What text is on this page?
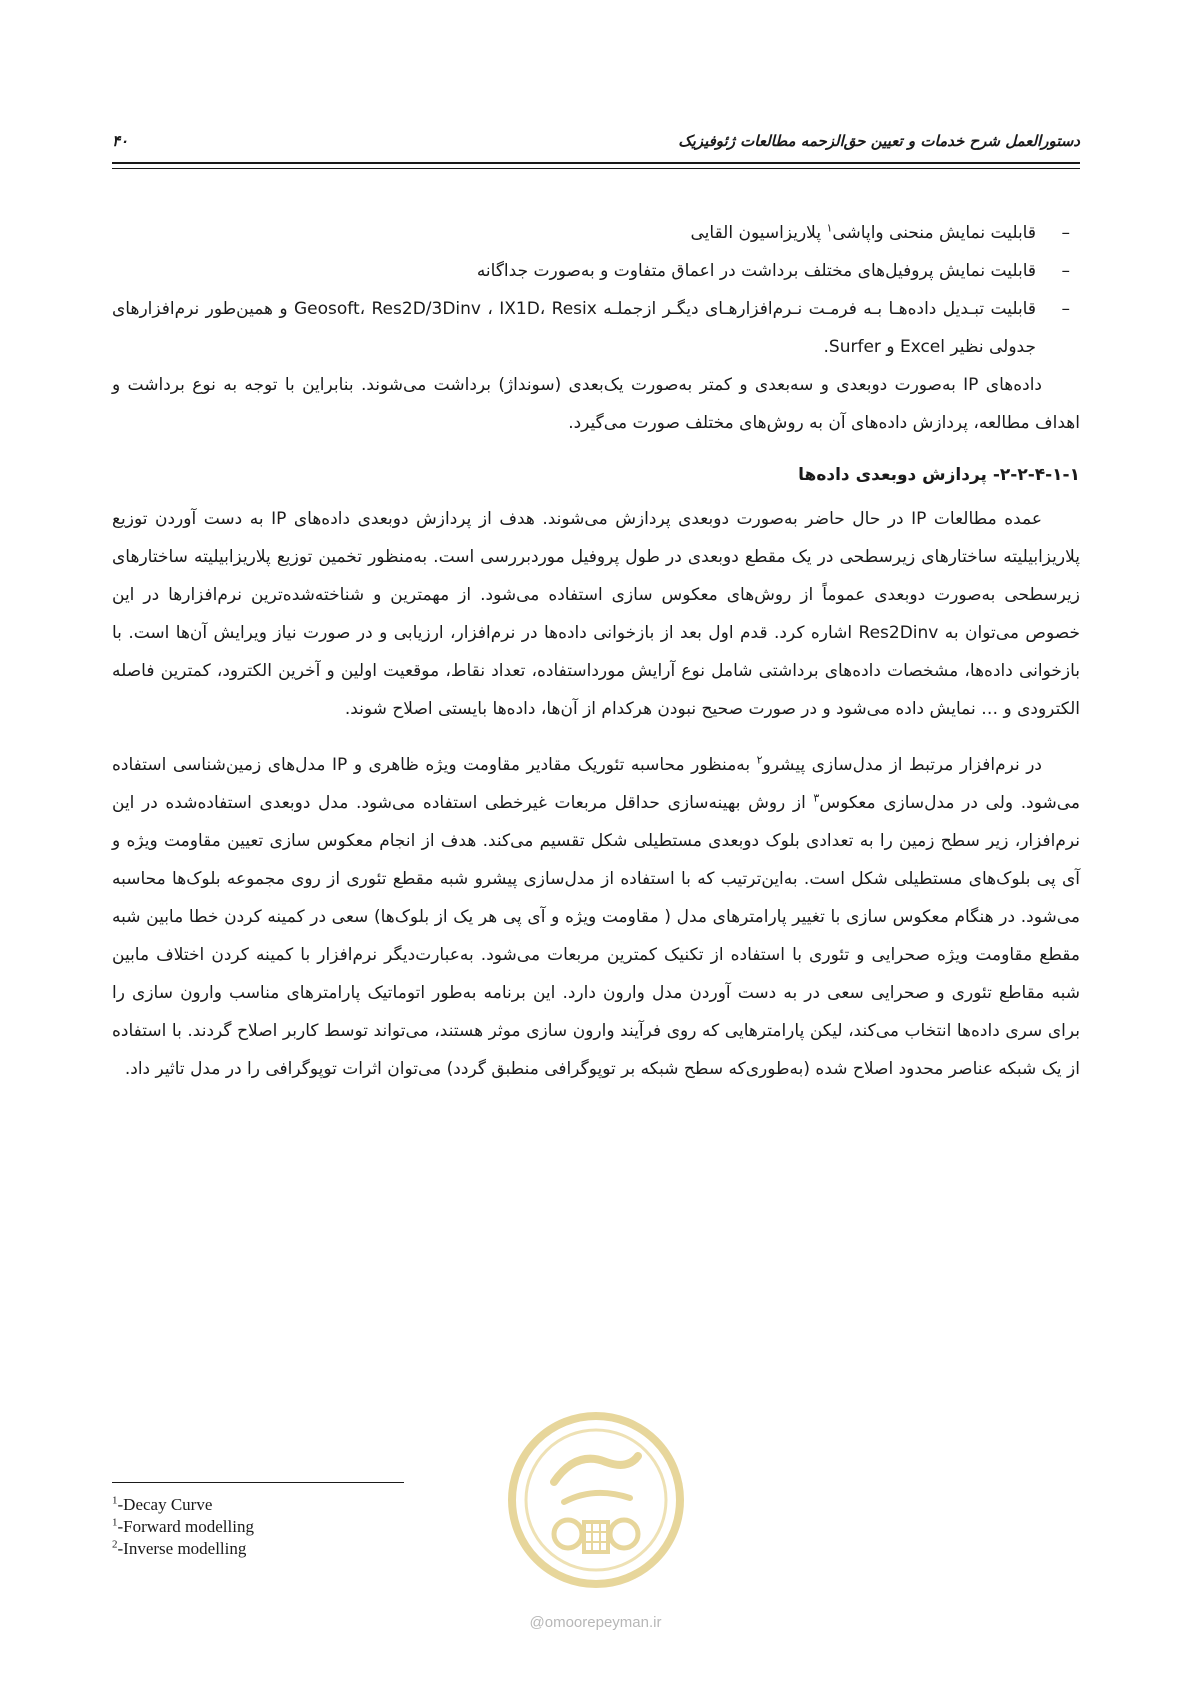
۴۰	دستورالعمل شرح خدمات و تعیین حق‌الزحمه مطالعات ژئوفیزیک
–
قابلیت نمایش منحنی واپاشی$^۱$ پلاریزاسیون القایی
–
قابلیت نمایش پروفیل‌های مختلف برداشت در اعماق متفاوت و به‌صورت جداگانه
–
قابلیت تبـدیل داده‌هـا بـه فرمـت نـرم‌افزارهـای دیگـر ازجملـه Geosoft، Res2D/3Dinv ، IX1D، Resix و همین‌طور نرم‌افزارهای جدولی نظیر Excel و Surfer.

داده‌های IP به‌صورت دوبعدی و سه‌بعدی و کمتر به‌صورت یک‌بعدی (سونداژ) برداشت می‌شوند. بنابراین با توجه به نوع برداشت و اهداف مطالعه، پردازش داده‌های آن به روش‌های مختلف صورت می‌گیرد.

۲-۲-۴-۱-۱- پردازش دوبعدی داده‌ها

عمده مطالعات IP در حال حاضر به‌صورت دوبعدی پردازش می‌شوند. هدف از پردازش دوبعدی داده‌های IP به دست آوردن توزیع پلاریزابیلیته ساختارهای زیرسطحی در یک مقطع دوبعدی در طول پروفیل موردبررسی است. به‌منظور تخمین توزیع پلاریزابیلیته ساختارهای زیرسطحی به‌صورت دوبعدی عموماً از روش‌های معکوس سازی استفاده می‌شود. از مهمترین و شناخته‌شده‌ترین نرم‌افزارها در این خصوص می‌توان به Res2Dinv اشاره کرد. قدم اول بعد از بازخوانی داده‌ها در نرم‌افزار، ارزیابی و در صورت نیاز ویرایش آن‌ها است. با بازخوانی داده‌ها، مشخصات داده‌های برداشتی شامل نوع آرایش مورداستفاده، تعداد نقاط، موقعیت اولین و آخرین الکترود، کمترین فاصله الکترودی و … نمایش داده می‌شود و در صورت صحیح نبودن هرکدام از آن‌ها، داده‌ها بایستی اصلاح شوند.

در نرم‌افزار مرتبط از مدل‌سازی پیشرو$^۲$ به‌منظور محاسبه تئوریک مقادیر مقاومت ویژه ظاهری و IP مدل‌های زمین‌شناسی استفاده می‌شود. ولی در مدل‌سازی معکوس$^۳$ از روش بهینه‌سازی حداقل مربعات غیرخطی استفاده می‌شود. مدل دوبعدی استفاده‌شده در این نرم‌افزار، زیر سطح زمین را به تعدادی بلوک دوبعدی مستطیلی شکل تقسیم می‌کند. هدف از انجام معکوس سازی تعیین مقاومت ویژه و آی پی بلوک‌های مستطیلی شکل است. به‌این‌ترتیب که با استفاده از مدل‌سازی پیشرو شبه مقطع تئوری از روی مجموعه بلوک‌ها محاسبه می‌شود. در هنگام معکوس سازی با تغییر پارامترهای مدل ( مقاومت ویژه و آی پی هر یک از بلوک‌ها) سعی در کمینه کردن خطا مابین شبه مقطع مقاومت ویژه صحرایی و تئوری با استفاده از تکنیک کمترین مربعات می‌شود. به‌عبارت‌دیگر نرم‌افزار با کمینه کردن اختلاف مابین شبه مقاطع تئوری و صحرایی سعی در به دست آوردن مدل وارون دارد. این برنامه به‌طور اتوماتیک پارامترهای مناسب وارون سازی را برای سری داده‌ها انتخاب می‌کند، لیکن پارامترهایی که روی فرآیند وارون سازی موثر هستند، می‌تواند توسط کاربر اصلاح گردند. با استفاده از یک شبکه عناصر محدود اصلاح شده (به‌طوری‌که سطح شبکه بر توپوگرافی منطبق گردد) می‌توان اثرات توپوگرافی را در مدل تاثیر داد.

$^1$-Decay Curve
$^1$-Forward modelling
$^2$-Inverse modelling
@omoorepeyman.ir
